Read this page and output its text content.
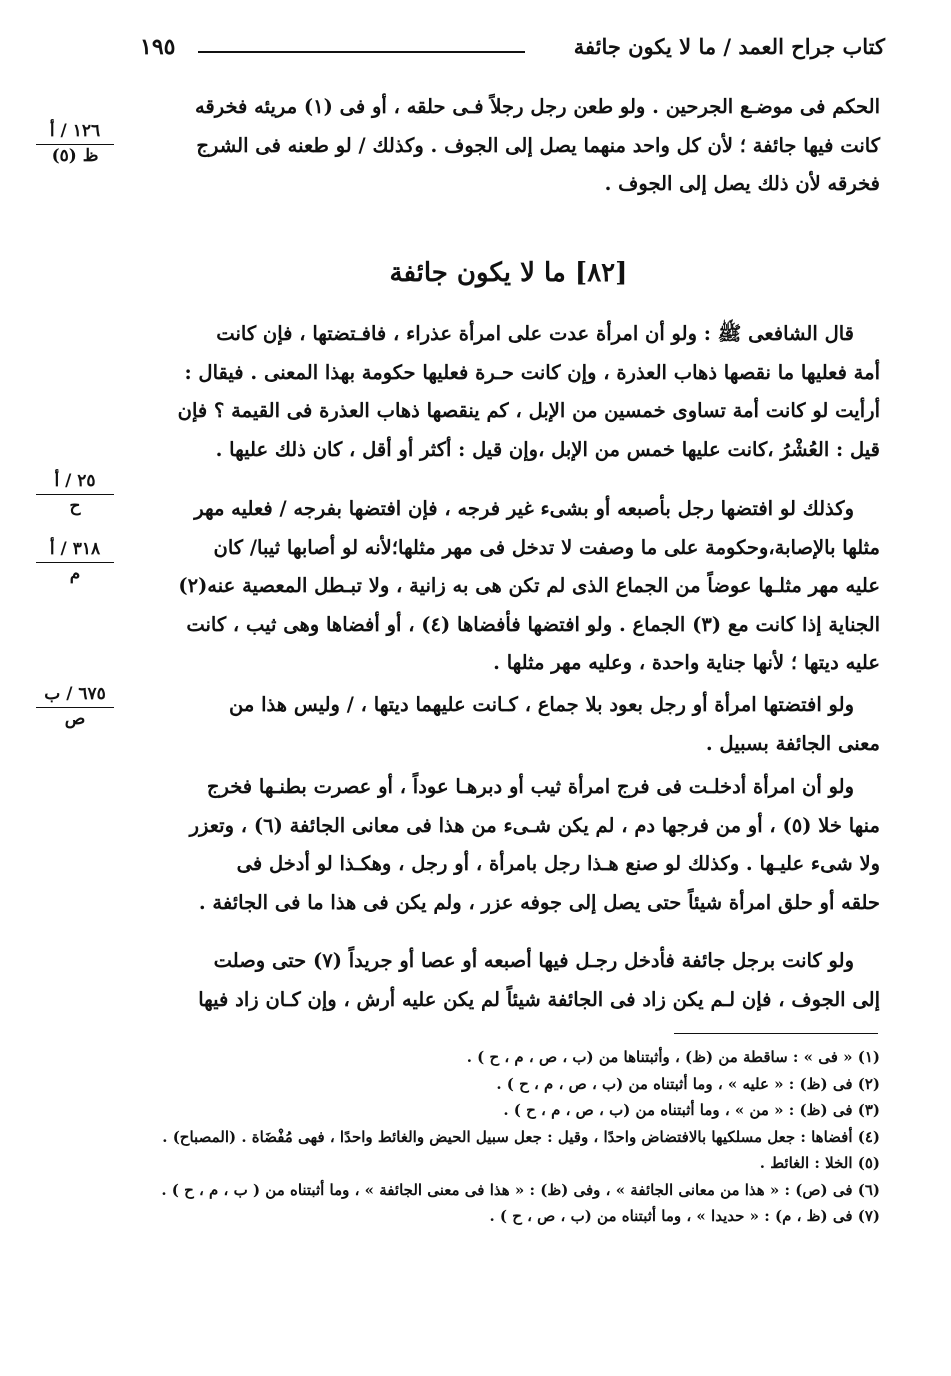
كتاب جراح العمد / ما لا يكون جائفة
١٩٥
١٢٦ / أ
ظ (٥)
٢٥ / أ
ح
٣١٨ / أ
م
٦٧٥ / ب
ص

الحكم فى موضـع الجرحين . ولو طعن رجل رجلاً فـى حلقه ، أو فى (١) مريئه فخرقه

كانت فيها جائفة ؛ لأن كل واحد منهما يصل إلى الجوف . وكذلك / لو طعنه فى الشرج

فخرقه لأن ذلك يصل إلى الجوف .

[٨٢] ما لا يكون جائفة

قال الشافعى ﷺ : ولو أن امرأة عدت على امرأة عذراء ، فافـتضتها ، فإن كانت

أمة فعليها ما نقصها ذهاب العذرة ، وإن كانت حـرة فعليها حكومة بهذا المعنى . فيقال :

أرأيت لو كانت أمة تساوى خمسين من الإبل ، كم ينقصها ذهاب العذرة فى القيمة ؟ فإن

قيل : العُشْرُ ،كانت عليها خمس من الإبل ،وإن قيل : أكثر أو أقل ، كان ذلك عليها .

وكذلك لو افتضها رجل بأصبعه أو بشىء غير فرجه ، فإن افتضها بفرجه / فعليه مهر

مثلها بالإصابة،وحكومة على ما وصفت لا تدخل فى مهر مثلها؛لأنه لو أصابها ثيبا/ كان

عليه مهر مثلـها عوضاً من الجماع الذى لم تكن هى به زانية ، ولا تبـطل المعصية عنه(٢)

الجناية إذا كانت مع (٣) الجماع . ولو افتضها فأفضاها (٤) ، أو أفضاها وهى ثيب ، كانت

عليه ديتها ؛ لأنها جناية واحدة ، وعليه مهر مثلها .

ولو افتضتها امرأة أو رجل بعود بلا جماع ، كـانت عليهما ديتها ، / وليس هذا من

معنى الجائفة بسبيل .

ولو أن امرأة أدخلـت فى فرج امرأة ثيب أو دبرهـا عوداً ، أو عصرت بطنـها فخرج

منها خلا (٥) ، أو من فرجها دم ، لم يكن شـىء من هذا فى معانى الجائفة (٦) ، وتعزر

ولا شىء عليـها . وكذلك لو صنع هـذا رجل بامرأة ، أو رجل ، وهكـذا لو أدخل فى

حلقه أو حلق امرأة شيئاً حتى يصل إلى جوفه عزر ، ولم يكن فى هذا ما فى الجائفة .

ولو كانت برجل جائفة فأدخل رجـل فيها أصبعه أو عصا أو جريداً (٧) حتى وصلت

إلى الجوف ، فإن لـم يكن زاد فى الجائفة شيئاً لم يكن عليه أرش ، وإن كـان زاد فيها

(١) « فى » : ساقطة من (ظ) ، وأثبتناها من (ب ، ص ، م ، ح ) .
(٢) فى (ظ) : « عليه » ، وما أثبتناه من (ب ، ص ، م ، ح ) .
(٣) فى (ظ) : « من » ، وما أثبتناه من (ب ، ص ، م ، ح ) .
(٤) أفضاها : جعل مسلكيها بالافتضاض واحدًا ، وقيل : جعل سبيل الحيض والغائط واحدًا ، فهى مُفْضَاة . (المصباح) .
(٥) الخلا : الغائط .
(٦) فى (ص) : « هذا من معانى الجائفة » ، وفى (ظ) : « هذا فى معنى الجائفة » ، وما أثبتناه من ( ب ، م ، ح ) .
(٧) فى (ظ ، م) : « حديدا » ، وما أثبتناه من (ب ، ص ، ح ) .
